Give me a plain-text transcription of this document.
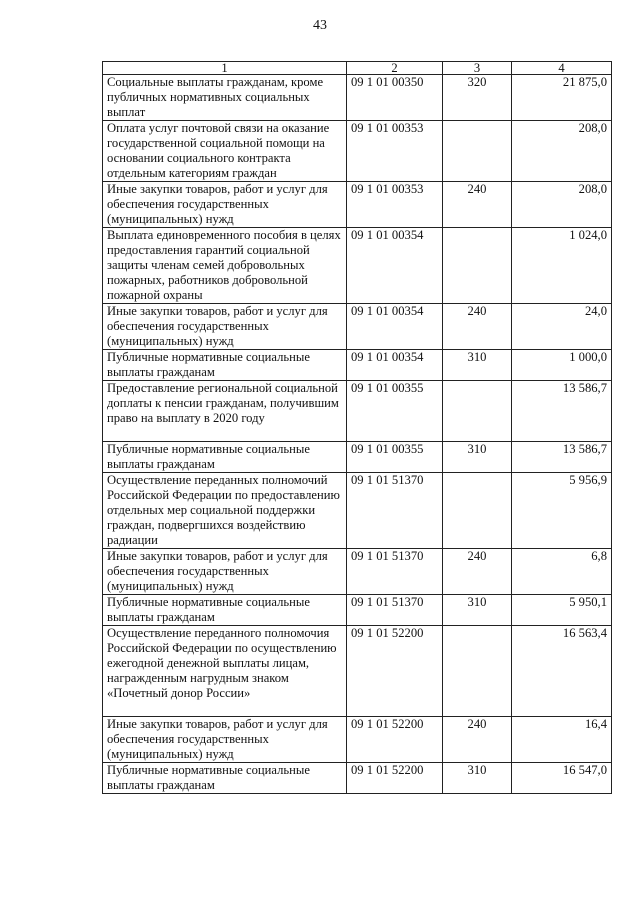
43
1	2	3	4
Социальные выплаты гражданам, кроме публичных нормативных социальных выплат	09 1 01 00350	320	21 875,0
Оплата услуг почтовой связи на оказание государственной социальной помощи на основании социального контракта отдельным категориям граждан	09 1 01 00353		208,0
Иные закупки товаров, работ и услуг для обеспечения государственных (муниципальных) нужд	09 1 01 00353	240	208,0
Выплата единовременного пособия в целях предоставления гарантий социальной защиты членам семей добровольных пожарных, работников добровольной пожарной охраны	09 1 01 00354		1 024,0
Иные закупки товаров, работ и услуг для обеспечения государственных (муниципальных) нужд	09 1 01 00354	240	24,0
Публичные нормативные социальные выплаты гражданам	09 1 01 00354	310	1 000,0
Предоставление региональной социальной доплаты к пенсии гражданам, получившим право на выплату в 2020 году	09 1 01 00355		13 586,7
Публичные нормативные социальные выплаты гражданам	09 1 01 00355	310	13 586,7
Осуществление переданных полномочий Российской Федерации по предоставлению отдельных мер социальной поддержки граждан, подвергшихся воздействию радиации	09 1 01 51370		5 956,9
Иные закупки товаров, работ и услуг для обеспечения государственных (муниципальных) нужд	09 1 01 51370	240	6,8
Публичные нормативные социальные выплаты гражданам	09 1 01 51370	310	5 950,1
Осуществление переданного полномочия Российской Федерации по осуществлению ежегодной денежной выплаты лицам, награжденным нагрудным знаком «Почетный донор России»	09 1 01 52200		16 563,4
Иные закупки товаров, работ и услуг для обеспечения государственных (муниципальных) нужд	09 1 01 52200	240	16,4
Публичные нормативные социальные выплаты гражданам	09 1 01 52200	310	16 547,0
